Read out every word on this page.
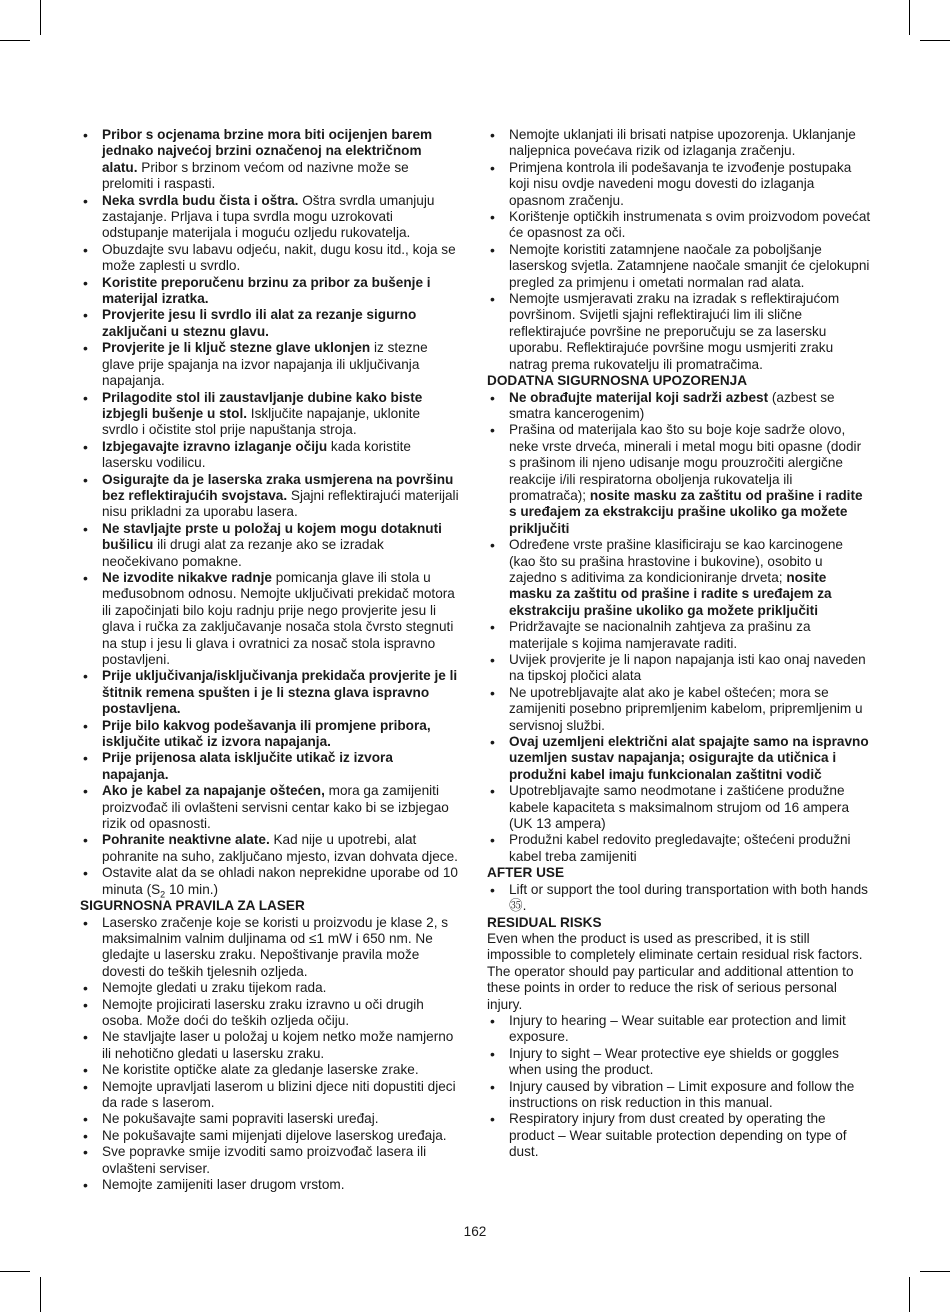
• Pribor s ocjenama brzine mora biti ocijenjen barem jednako najvećoj brzini označenoj na električnom alatu. Pribor s brzinom većom od nazivne može se prelomiti i raspasti.
• Neka svrdla budu čista i oštra. Oštra svrdla umanjuju zastajanje. Prljava i tupa svrdla mogu uzrokovati odstupanje materijala i moguću ozljedu rukovatelja.
• Obuzdajte svu labavu odjeću, nakit, dugu kosu itd., koja se može zaplesti u svrdlo.
• Koristite preporučenu brzinu za pribor za bušenje i materijal izratka.
• Provjerite jesu li svrdlo ili alat za rezanje sigurno zaključani u steznu glavu.
• Provjerite je li ključ stezne glave uklonjen iz stezne glave prije spajanja na izvor napajanja ili uključivanja napajanja.
• Prilagodite stol ili zaustavljanje dubine kako biste izbjegli bušenje u stol. Isključite napajanje, uklonite svrdlo i očistite stol prije napuštanja stroja.
• Izbjegavajte izravno izlaganje očiju kada koristite lasersku vodilicu.
• Osigurajte da je laserska zraka usmjerena na površinu bez reflektirajućih svojstava. Sjajni reflektirajući materijali nisu prikladni za uporabu lasera.
• Ne stavljajte prste u položaj u kojem mogu dotaknuti bušilicu ili drugi alat za rezanje ako se izradak neočekivano pomakne.
• Ne izvodite nikakve radnje pomicanja glave ili stola u međusobnom odnosu. Nemojte uključivati prekidač motora ili započinjati bilo koju radnju prije nego provjerite jesu li glava i ručka za zaključavanje nosača stola čvrsto stegnuti na stup i jesu li glava i ovratnici za nosač stola ispravno postavljeni.
• Prije uključivanja/isključivanja prekidača provjerite je li štitnik remena spušten i je li stezna glava ispravno postavljena.
• Prije bilo kakvog podešavanja ili promjene pribora, isključite utikač iz izvora napajanja.
• Prije prijenosa alata isključite utikač iz izvora napajanja.
• Ako je kabel za napajanje oštećen, mora ga zamijeniti proizvođač ili ovlašteni servisni centar kako bi se izbjegao rizik od opasnosti.
• Pohranite neaktivne alate. Kad nije u upotrebi, alat pohranite na suho, zaključano mjesto, izvan dohvata djece.
• Ostavite alat da se ohladi nakon neprekidne uporabe od 10 minuta ($S_2$ 10 min.)
SIGURNOSNA PRAVILA ZA LASER
• Lasersko zračenje koje se koristi u proizvodu je klase 2, s maksimalnim valnim duljinama od ≤1 mW i 650 nm. Ne gledajte u lasersku zraku. Nepoštivanje pravila može dovesti do teških tjelesnih ozljeda.
• Nemojte gledati u zraku tijekom rada.
• Nemojte projicirati lasersku zraku izravno u oči drugih osoba. Može doći do teških ozljeda očiju.
• Ne stavljajte laser u položaj u kojem netko može namjerno ili nehotično gledati u lasersku zraku.
• Ne koristite optičke alate za gledanje laserske zrake.
• Nemojte upravljati laserom u blizini djece niti dopustiti djeci da rade s laserom.
• Ne pokušavajte sami popraviti laserski uređaj.
• Ne pokušavajte sami mijenjati dijelove laserskog uređaja.
• Sve popravke smije izvoditi samo proizvođač lasera ili ovlašteni serviser.
• Nemojte zamijeniti laser drugom vrstom.
• Nemojte uklanjati ili brisati natpise upozorenja. Uklanjanje naljepnica povećava rizik od izlaganja zračenju.
• Primjena kontrola ili podešavanja te izvođenje postupaka koji nisu ovdje navedeni mogu dovesti do izlaganja opasnom zračenju.
• Korištenje optičkih instrumenata s ovim proizvodom povećat će opasnost za oči.
• Nemojte koristiti zatamnjene naočale za poboljšanje laserskog svjetla. Zatamnjene naočale smanjit će cjelokupni pregled za primjenu i ometati normalan rad alata.
• Nemojte usmjeravati zraku na izradak s reflektirajućom površinom. Svijetli sjajni reflektirajući lim ili slične reflektirajuće površine ne preporučuju se za lasersku uporabu. Reflektirajuće površine mogu usmjeriti zraku natrag prema rukovatelju ili promatračima.
DODATNA SIGURNOSNA UPOZORENJA
• Ne obrađujte materijal koji sadrži azbest (azbest se smatra kancerogenim)
• Prašina od materijala kao što su boje koje sadrže olovo, neke vrste drveća, minerali i metal mogu biti opasne (dodir s prašinom ili njeno udisanje mogu prouzročiti alergične reakcije i/ili respiratorna oboljenja rukovatelja ili promatrača); nosite masku za zaštitu od prašine i radite s uređajem za ekstrakciju prašine ukoliko ga možete priključiti
• Određene vrste prašine klasificiraju se kao karcinogene (kao što su prašina hrastovine i bukovine), osobito u zajedno s aditivima za kondicioniranje drveta; nosite masku za zaštitu od prašine i radite s uređajem za ekstrakciju prašine ukoliko ga možete priključiti
• Pridržavajte se nacionalnih zahtjeva za prašinu za materijale s kojima namjeravate raditi.
• Uvijek provjerite je li napon napajanja isti kao onaj naveden na tipskoj pločici alata
• Ne upotrebljavajte alat ako je kabel oštećen; mora se zamijeniti posebno pripremljenim kabelom, pripremljenim u servisnoj službi.
• Ovaj uzemljeni električni alat spajajte samo na ispravno uzemljen sustav napajanja; osigurajte da utičnica i produžni kabel imaju funkcionalan zaštitni vodič
• Upotrebljavajte samo neodmotane i zaštićene produžne kabele kapaciteta s maksimalnom strujom od 16 ampera (UK 13 ampera)
• Produžni kabel redovito pregledavajte; oštećeni produžni kabel treba zamijeniti
AFTER USE
• Lift or support the tool during transportation with both hands ㉟.
RESIDUAL RISKS

Even when the product is used as prescribed, it is still impossible to completely eliminate certain residual risk factors. The operator should pay particular and additional attention to these points in order to reduce the risk of serious personal injury.

• Injury to hearing – Wear suitable ear protection and limit exposure.
• Injury to sight – Wear protective eye shields or goggles when using the product.
• Injury caused by vibration – Limit exposure and follow the instructions on risk reduction in this manual.
• Respiratory injury from dust created by operating the product – Wear suitable protection depending on type of dust.
162
